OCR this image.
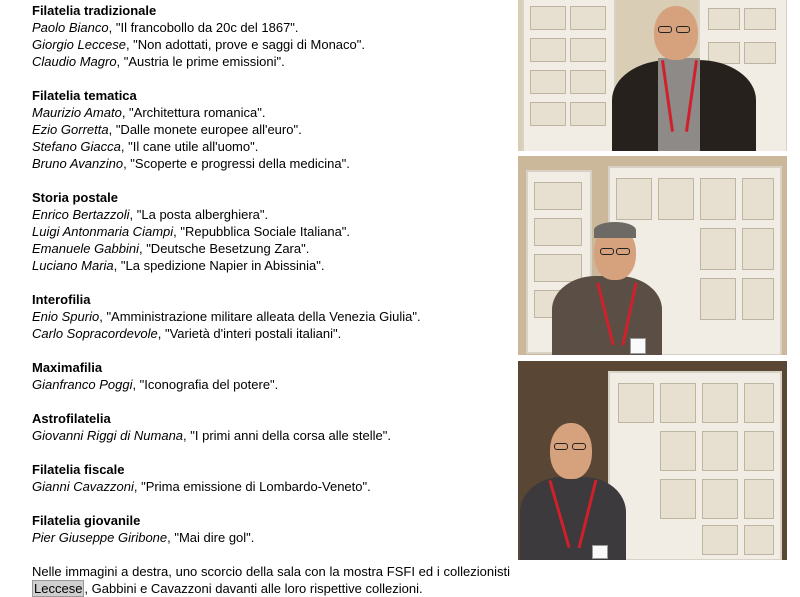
Filatelia tradizionale
Paolo Bianco, "Il francobollo da 20c del 1867".
Giorgio Leccese, "Non adottati, prove e saggi di Monaco".
Claudio Magro, "Austria le prime emissioni".
Filatelia tematica
Maurizio Amato, "Architettura romanica".
Ezio Gorretta, "Dalle monete europee all'euro".
Stefano Giacca, "Il cane utile all'uomo".
Bruno Avanzino, "Scoperte e progressi della medicina".
Storia postale
Enrico Bertazzoli, "La posta alberghiera".
Luigi Antonmaria Ciampi, "Repubblica Sociale Italiana".
Emanuele Gabbini, "Deutsche Besetzung Zara".
Luciano Maria, "La spedizione Napier in Abissinia".
Interofilia
Enio Spurio, "Amministrazione militare alleata della Venezia Giulia".
Carlo Sopracordevole, "Varietà d'interi postali italiani".
Maximafilia
Gianfranco Poggi, "Iconografia del potere".
Astrofilatelia
Giovanni Riggi di Numana, "I primi anni della corsa alle stelle".
Filatelia fiscale
Gianni Cavazzoni, "Prima emissione di Lombardo-Veneto".
Filatelia giovanile
Pier Giuseppe Giribone, "Mai dire gol".

Nelle immagini a destra, uno scorcio della sala con la mostra FSFI ed i collezionisti Leccese , Gabbini e Cavazzoni davanti alle loro rispettive collezioni.
